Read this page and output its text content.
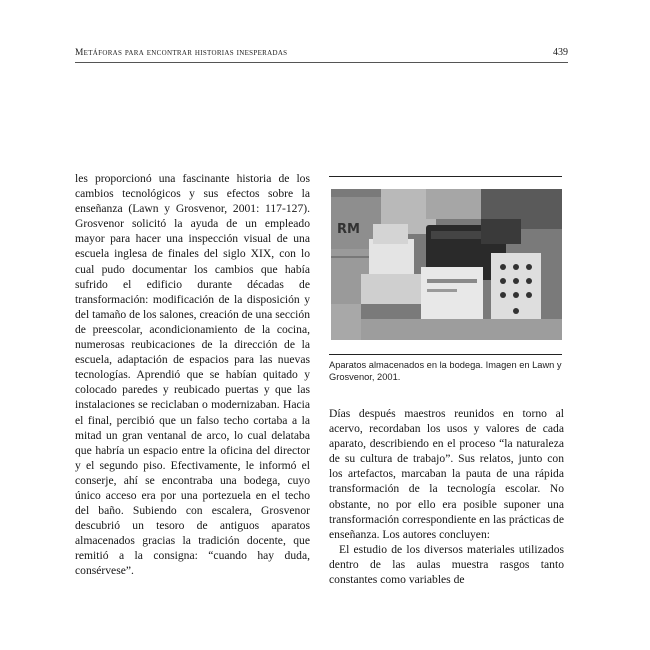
Metáforas para encontrar historias inesperadas	439

les proporcionó una fascinante historia de los cambios tecnológicos y sus efectos sobre la enseñanza (Lawn y Grosvenor, 2001: 117-127). Grosvenor solicitó la ayuda de un empleado mayor para hacer una inspección visual de una escuela inglesa de finales del siglo XIX, con lo cual pudo documentar los cambios que había sufrido el edificio durante décadas de transformación: modificación de la disposición y del tamaño de los salones, creación de una sección de preescolar, acondicionamiento de la cocina, numerosas reubicaciones de la dirección de la escuela, adaptación de espacios para las nuevas tecnologías. Aprendió que se habían quitado y colocado paredes y reubicado puertas y que las instalaciones se reciclaban o modernizaban. Hacia el final, percibió que un falso techo cortaba a la mitad un gran ventanal de arco, lo cual delataba que habría un espacio entre la oficina del director y el segundo piso. Efectivamente, le informó el conserje, ahí se encontraba una bodega, cuyo único acceso era por una portezuela en el techo del baño. Subiendo con escalera, Grosvenor descubrió un tesoro de antiguos aparatos almacenados gracias la tradición docente, que remitió a la consigna: “cuando hay duda, consérvese”.

RM
Aparatos almacenados en la bodega. Imagen en Lawn y Grosvenor, 2001.

Días después maestros reunidos en torno al acervo, recordaban los usos y valores de cada aparato, describiendo en el proceso “la naturaleza de su cultura de trabajo”. Sus relatos, junto con los artefactos, marcaban la pauta de una rápida transformación de la tecnología escolar. No obstante, no por ello era posible suponer una transformación correspondiente en las prácticas de enseñanza. Los autores concluyen:

El estudio de los diversos materiales utilizados dentro de las aulas muestra rasgos tanto constantes como variables de
